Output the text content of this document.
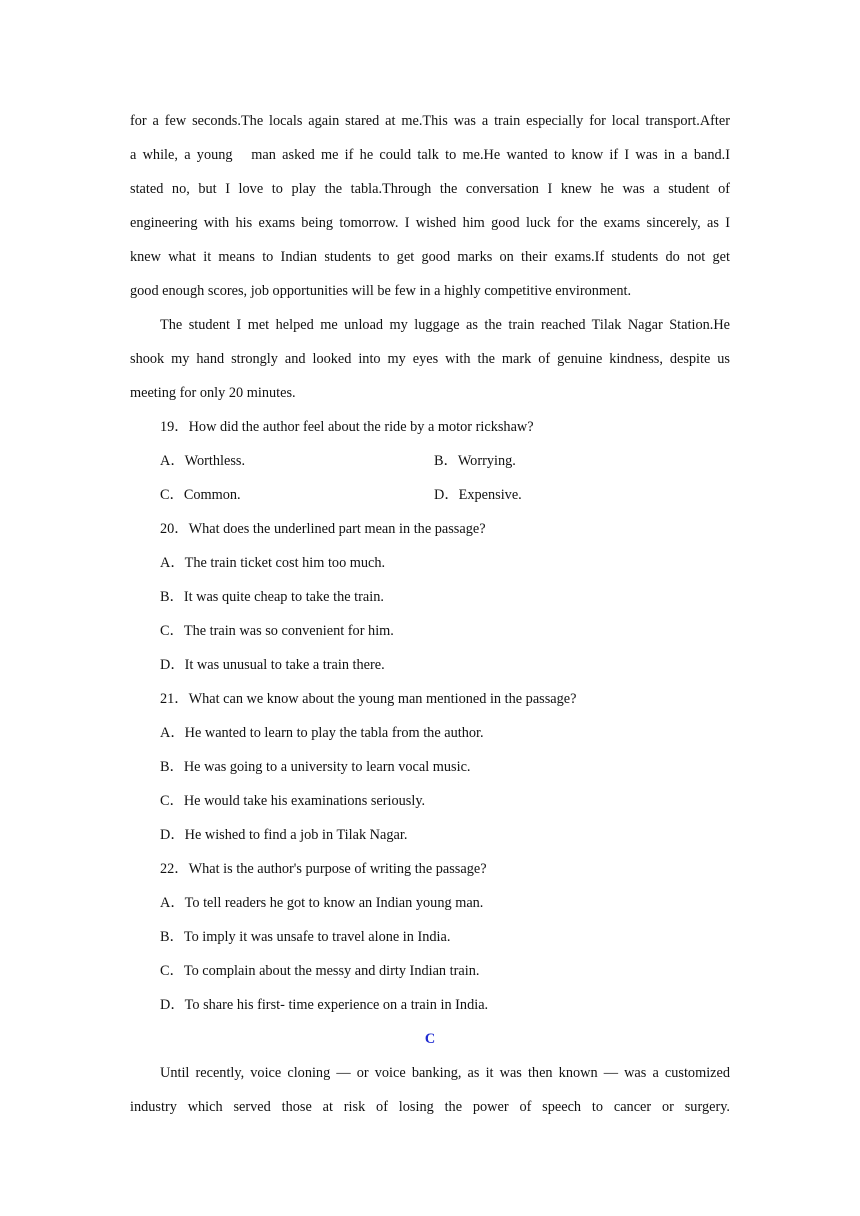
for a few seconds.The locals again stared at me.This was a train especially for local transport.After

a while, a young   man asked me if he could talk to me.He wanted to know if I was in a band.I

stated no, but I love to play the tabla.Through the conversation I knew he was a student of

engineering with his exams being tomorrow. I wished him good luck for the exams sincerely, as I

knew what it means to Indian students to get good marks on their exams.If students do not get

good enough scores, job opportunities will be few in a highly competitive environment.

The student I met helped me unload my luggage as the train reached Tilak Nagar Station.He

shook my hand strongly and looked into my eyes with the mark of genuine kindness, despite us

meeting for only 20 minutes.

19．How did the author feel about the ride by a motor rickshaw?

A．Worthless.	B．Worrying.
C．Common.	D．Expensive.

20．What does the underlined part mean in the passage?

A．The train ticket cost him too much.

B．It was quite cheap to take the train.

C．The train was so convenient for him.

D．It was unusual to take a train there.

21．What can we know about the young man mentioned in the passage?

A．He wanted to learn to play the tabla from the author.

B．He was going to a university to learn vocal music.

C．He would take his examinations seriously.

D．He wished to find a job in Tilak Nagar.

22．What is the author's purpose of writing the passage?

A．To tell readers he got to know an Indian young man.

B．To imply it was unsafe to travel alone in India.

C．To complain about the messy and dirty Indian train.

D．To share his first- time experience on a train in India.

C

Until recently, voice cloning — or voice banking, as it was then known — was a customized

industry which served those at risk of losing the power of speech to cancer or surgery.
